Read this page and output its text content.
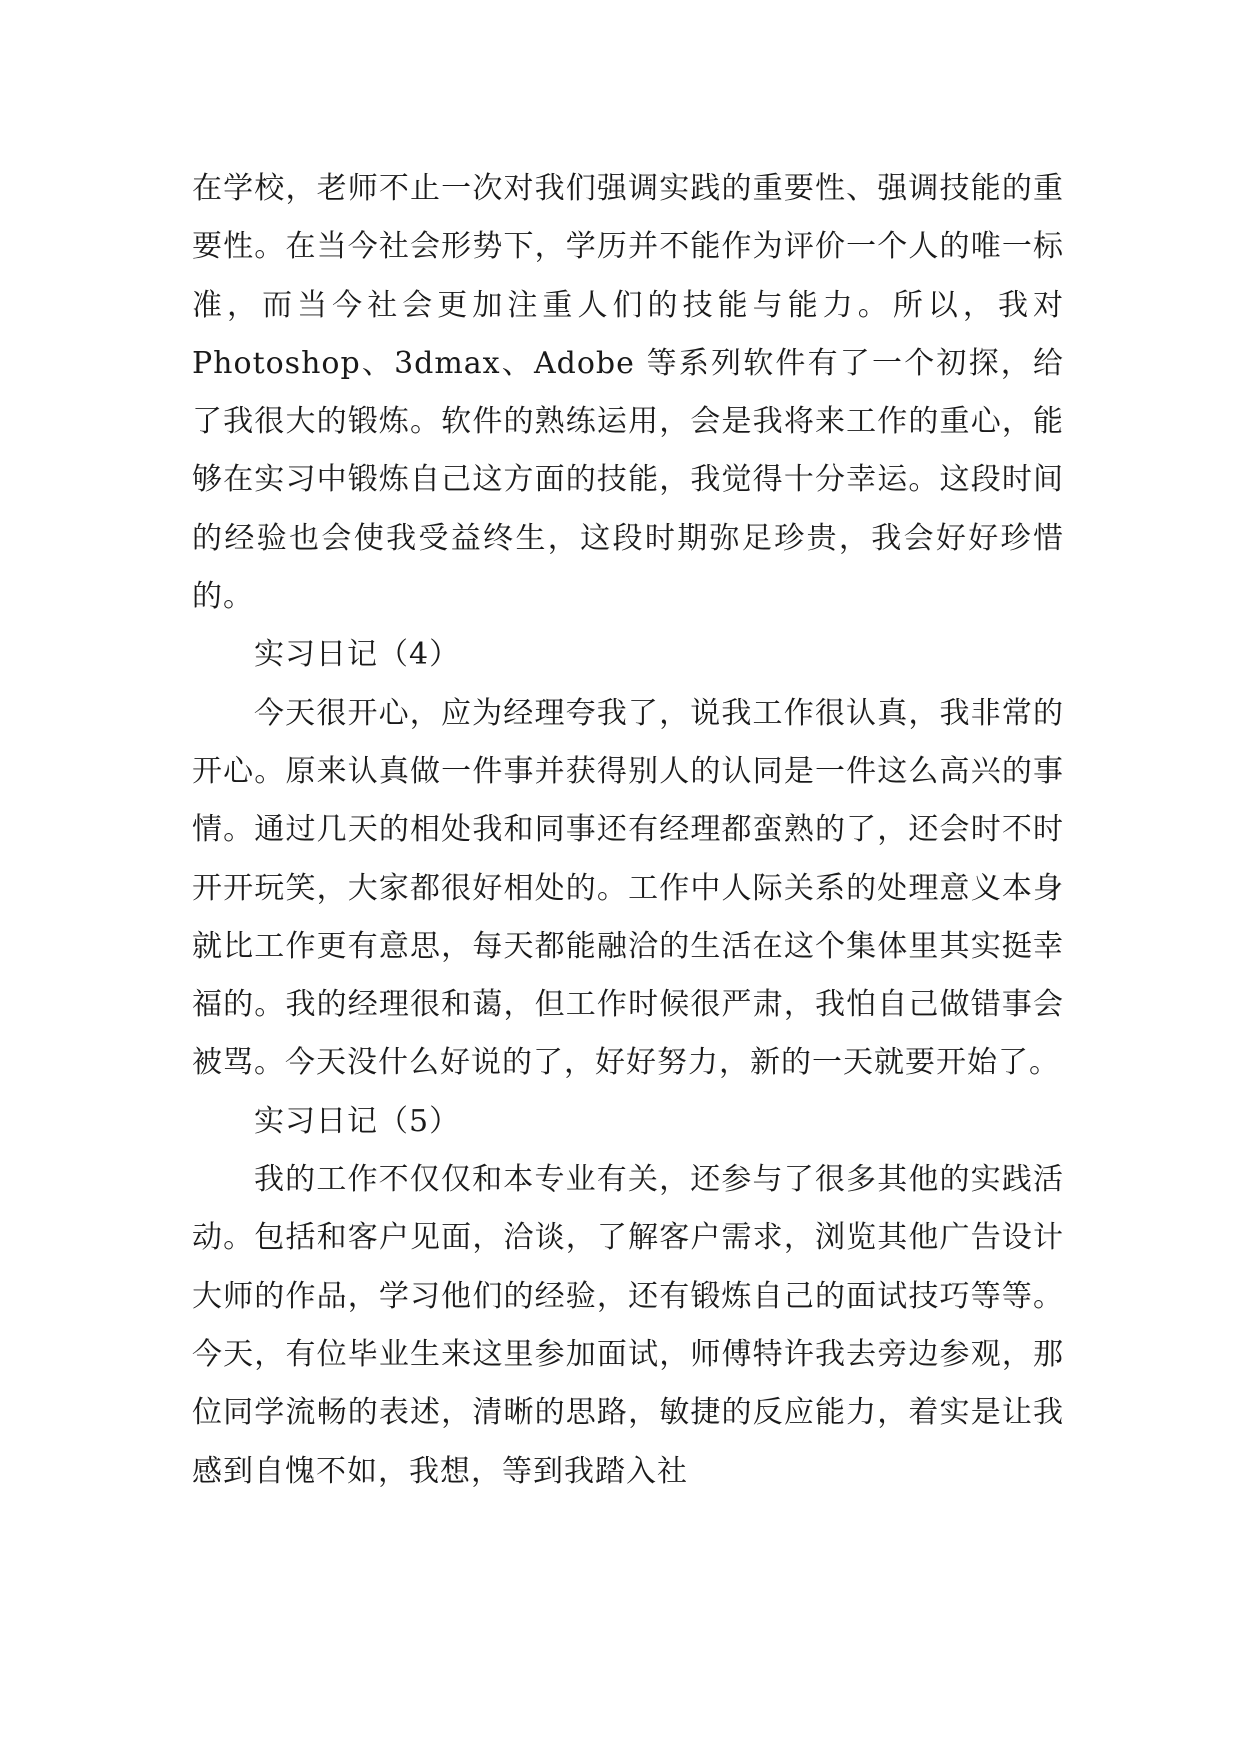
在学校，老师不止一次对我们强调实践的重要性、强调技能的重要性。在当今社会形势下，学历并不能作为评价一个人的唯一标准，而当今社会更加注重人们的技能与能力。所以，我对 Photoshop、3dmax、Adobe 等系列软件有了一个初探，给了我很大的锻炼。软件的熟练运用，会是我将来工作的重心，能够在实习中锻炼自己这方面的技能，我觉得十分幸运。这段时间的经验也会使我受益终生，这段时期弥足珍贵，我会好好珍惜的。

实习日记（4）

今天很开心，应为经理夸我了，说我工作很认真，我非常的开心。原来认真做一件事并获得别人的认同是一件这么高兴的事情。通过几天的相处我和同事还有经理都蛮熟的了，还会时不时开开玩笑，大家都很好相处的。工作中人际关系的处理意义本身就比工作更有意思，每天都能融洽的生活在这个集体里其实挺幸福的。我的经理很和蔼，但工作时候很严肃，我怕自己做错事会被骂。今天没什么好说的了，好好努力，新的一天就要开始了。

实习日记（5）

我的工作不仅仅和本专业有关，还参与了很多其他的实践活动。包括和客户见面，洽谈，了解客户需求，浏览其他广告设计大师的作品，学习他们的经验，还有锻炼自己的面试技巧等等。今天，有位毕业生来这里参加面试，师傅特许我去旁边参观，那位同学流畅的表述，清晰的思路，敏捷的反应能力，着实是让我感到自愧不如，我想，等到我踏入社
